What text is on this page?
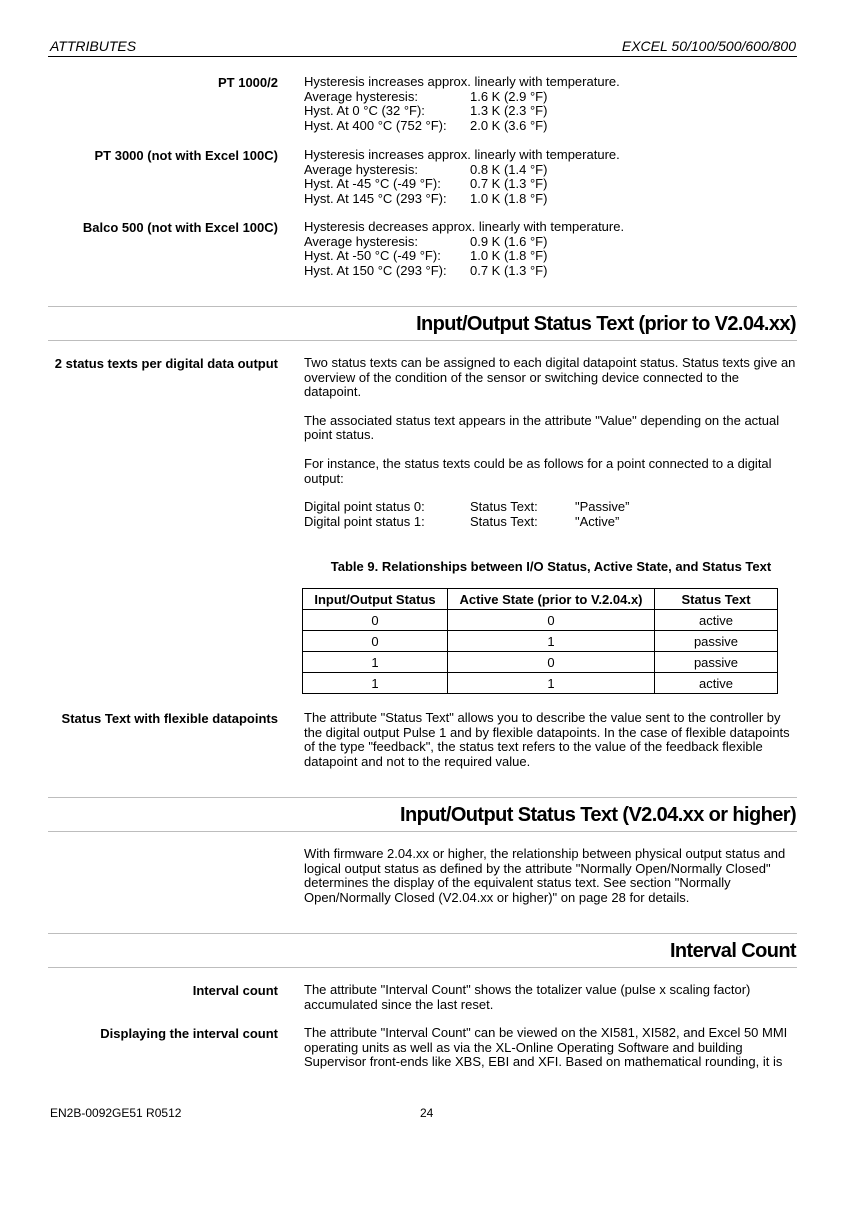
ATTRIBUTES	EXCEL 50/100/500/600/800
PT 1000/2 Hysteresis increases approx. linearly with temperature.

Average hysteresis:	1.6 K (2.9 °F)
Hyst. At 0 °C (32 °F):	1.3 K (2.3 °F)
Hyst. At 400 °C (752 °F): 2.0 K (3.6 °F)
PT 3000 (not with Excel 100C) Hysteresis increases approx. linearly with temperature.

Average hysteresis:	0.8 K (1.4 °F)
Hyst. At -45 °C (-49 °F): 0.7 K (1.3 °F)
Hyst. At 145 °C (293 °F): 1.0 K (1.8 °F)
Balco 500 (not with Excel 100C) Hysteresis decreases approx. linearly with temperature.

Average hysteresis:	0.9 K (1.6 °F)
Hyst. At -50 °C (-49 °F): 1.0 K (1.8 °F)
Hyst. At 150 °C (293 °F): 0.7 K (1.3 °F)
Input/Output Status Text (prior to V2.04.xx)
2 status texts per digital data output Two status texts can be assigned to each digital datapoint status. Status texts give an overview of the condition of the sensor or switching device connected to the datapoint.

The associated status text appears in the attribute "Value" depending on the actual point status.

For instance, the status texts could be as follows for a point connected to a digital output:

Digital point status 0:	Status Text:	"Passive”
Digital point status 1:	Status Text:	"Active”
Table 9. Relationships between I/O Status, Active State, and Status Text
Input/Output Status	Active State (prior to V.2.04.x)	Status Text
0	0	active
0	1	passive
1	0	passive
1	1	active
Status Text with flexible datapoints The attribute "Status Text" allows you to describe the value sent to the controller by the digital output Pulse 1 and by flexible datapoints. In the case of flexible datapoints of the type "feedback", the status text refers to the value of the feedback flexible datapoint and not to the required value.

Input/Output Status Text (V2.04.xx or higher)

With firmware 2.04.xx or higher, the relationship between physical output status and logical output status as defined by the attribute "Normally Open/Normally Closed" determines the display of the equivalent status text. See section "Normally Open/Normally Closed (V2.04.xx or higher)" on page 28 for details.

Interval Count
Interval count The attribute "Interval Count" shows the totalizer value (pulse x scaling factor) accumulated since the last reset.

Displaying the interval count The attribute "Interval Count" can be viewed on the XI581, XI582, and Excel 50 MMI operating units as well as via the XL-Online Operating Software and building Supervisor front-ends like XBS, EBI and XFI. Based on mathematical rounding, it is

EN2B-0092GE51 R0512	24
